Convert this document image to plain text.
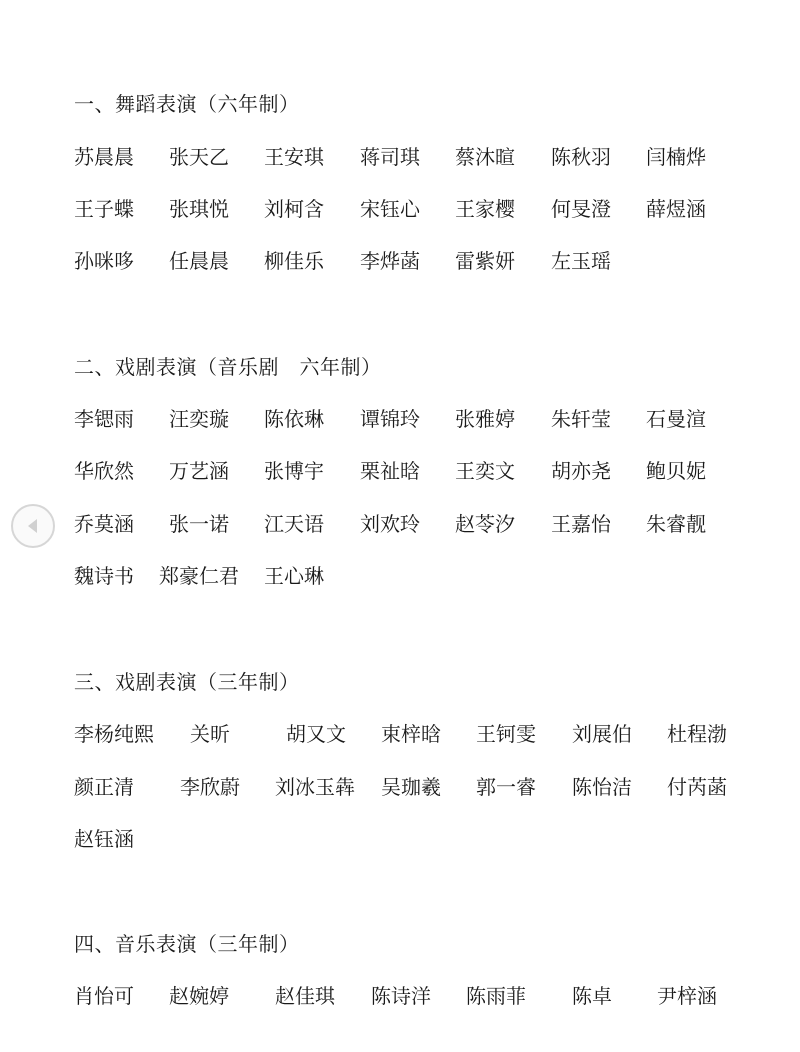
一、舞蹈表演（六年制）
苏晨晨 张天乙 王安琪 蒋司琪 蔡沐暄 陈秋羽 闫楠烨
王子蝶 张琪悦 刘柯含 宋钰心 王家樱 何旻澄 薛煜涵
孙咪哆 任晨晨 柳佳乐 李烨菡 雷紫妍 左玉瑶
二、戏剧表演（音乐剧　六年制）
李锶雨 汪奕璇 陈依琳 谭锦玲 张雅婷 朱轩莹 石曼渲
华欣然 万艺涵 张博宇 栗祉晗 王奕文 胡亦尧 鲍贝妮
乔莫涵 张一诺 江天语 刘欢玲 赵苓汐 王嘉怡 朱睿靓
魏诗书 郑豪仁君 王心琳
三、戏剧表演（三年制）
李杨纯熙 关昕	胡又文 束梓晗 王钶雯 刘展伯 杜程渤
颜正清 李欣蔚 刘冰玉犇 吴珈羲 郭一睿 陈怡洁 付芮菡
赵钰涵
四、音乐表演（三年制）
肖怡可 赵婉婷 赵佳琪 陈诗洋 陈雨菲 陈卓 尹梓涵
